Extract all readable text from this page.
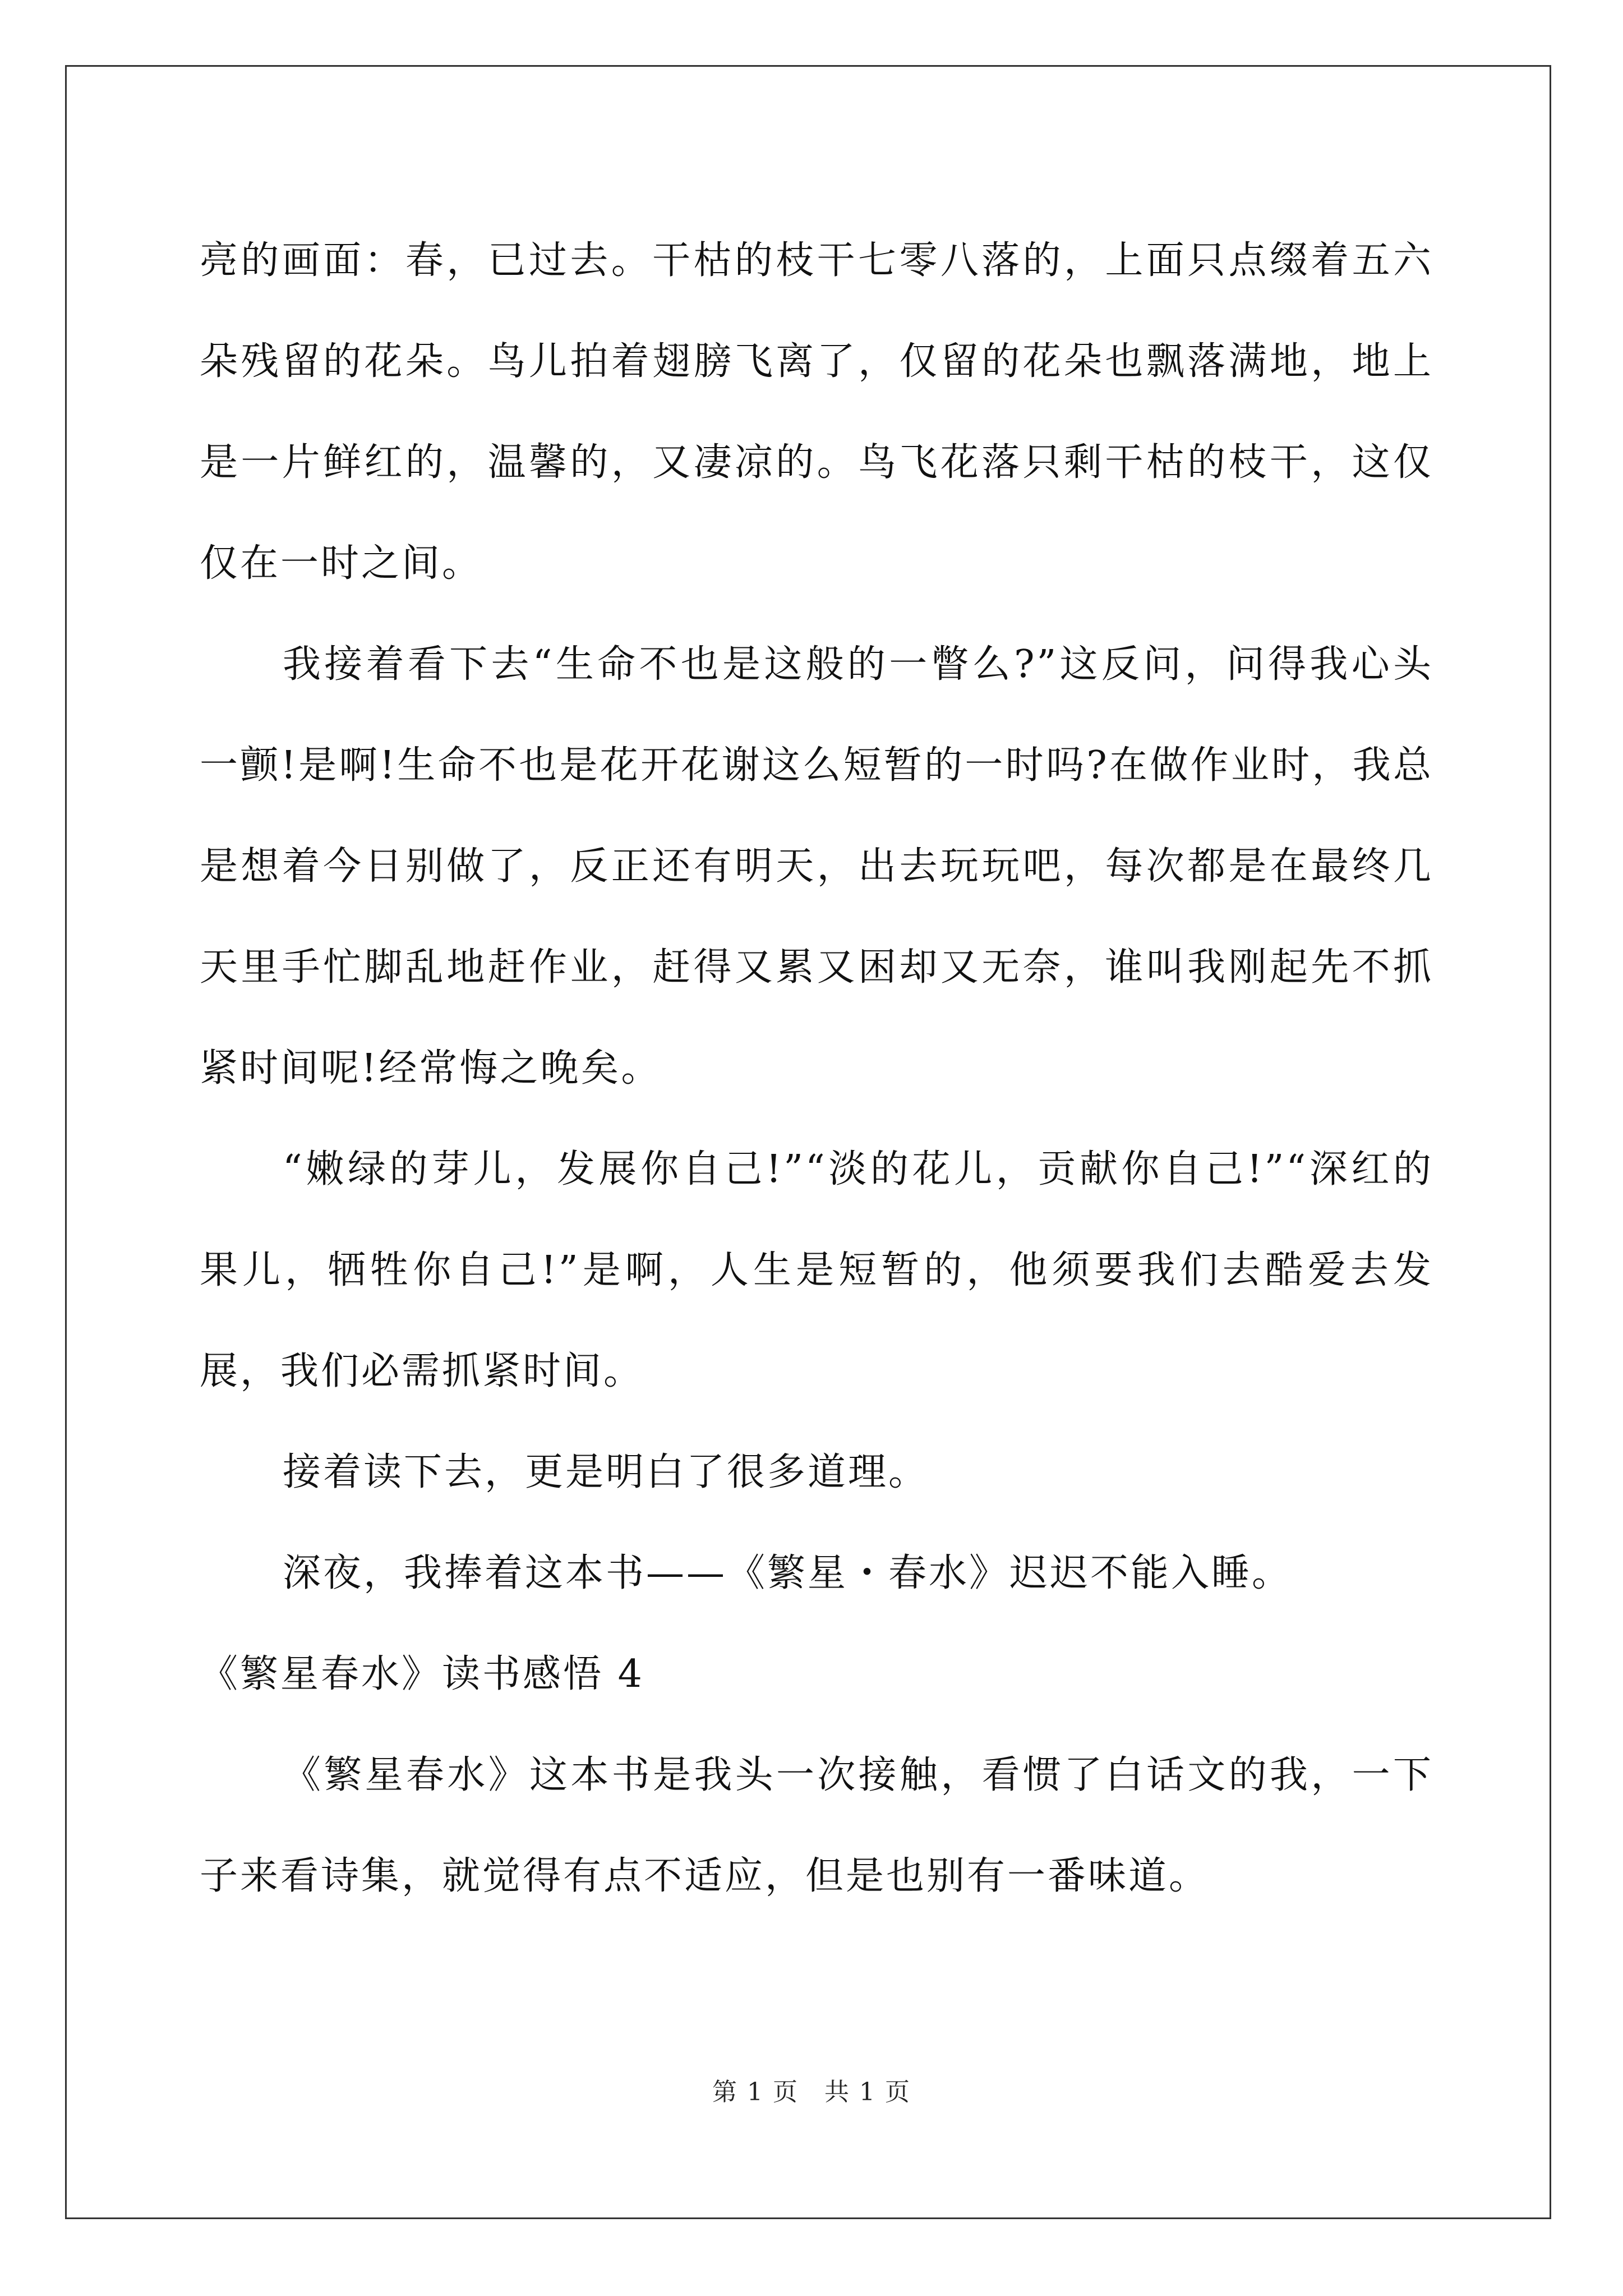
亮的画面：春，已过去。干枯的枝干七零八落的，上面只点缀着五六朵残留的花朵。鸟儿拍着翅膀飞离了，仅留的花朵也飘落满地，地上是一片鲜红的，温馨的，又凄凉的。鸟飞花落只剩干枯的枝干，这仅仅在一时之间。

我接着看下去“生命不也是这般的一瞥么?”这反问，问得我心头一颤!是啊!生命不也是花开花谢这么短暂的一时吗?在做作业时，我总是想着今日别做了，反正还有明天，出去玩玩吧，每次都是在最终几天里手忙脚乱地赶作业，赶得又累又困却又无奈，谁叫我刚起先不抓紧时间呢!经常悔之晚矣。

“嫩绿的芽儿，发展你自己!”“淡的花儿，贡献你自己!”“深红的果儿，牺牲你自己!”是啊，人生是短暂的，他须要我们去酷爱去发展，我们必需抓紧时间。

接着读下去，更是明白了很多道理。

深夜，我捧着这本书——《繁星・春水》迟迟不能入睡。

《繁星春水》读书感悟 4

《繁星春水》这本书是我头一次接触，看惯了白话文的我，一下子来看诗集，就觉得有点不适应，但是也别有一番味道。

第 1 页　共 1 页
